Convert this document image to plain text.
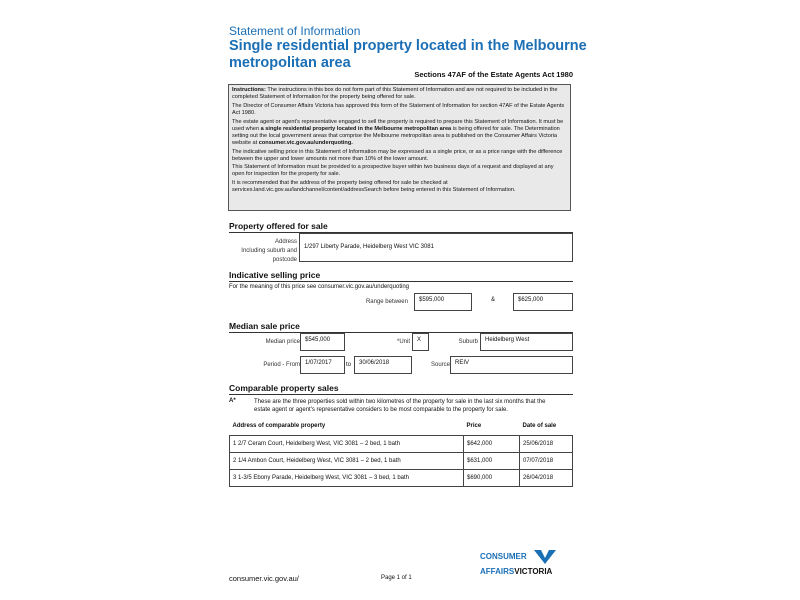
Statement of Information
Single residential property located in the Melbourne metropolitan area
Sections 47AF of the Estate Agents Act 1980

Instructions: The instructions in this box do not form part of this Statement of Information and are not required to be included in the completed Statement of Information for the property being offered for sale.

The Director of Consumer Affairs Victoria has approved this form of the Statement of Information for section 47AF of the Estate Agents Act 1980.

The estate agent or agent's representative engaged to sell the property is required to prepare this Statement of Information. It must be used when a single residential property located in the Melbourne metropolitan area is being offered for sale. The Determination setting out the local government areas that comprise the Melbourne metropolitan area is published on the Consumer Affairs Victoria website at consumer.vic.gov.au/underquoting.

The indicative selling price in this Statement of Information may be expressed as a single price, or as a price range with the difference between the upper and lower amounts not more than 10% of the lower amount.

This Statement of Information must be provided to a prospective buyer within two business days of a request and displayed at any open for inspection for the property for sale.

It is recommended that the address of the property being offered for sale be checked at services.land.vic.gov.au/landchannel/content/addressSearch before being entered in this Statement of Information.

Property offered for sale
Address
Including suburb and
postcode
1/297 Liberty Parade, Heidelberg West VIC 3081
Indicative selling price
For the meaning of this price see consumer.vic.gov.au/underquoting
Range between	$595,000	&	$625,000
Median sale price
Median price $545,000	*Unit	X	Suburb	Heidelberg West
Period - From 1/07/2017	to	30/06/2018	Source REIV
Comparable property sales
A*	These are the three properties sold within two kilometres of the property for sale in the last six months that the estate agent or agent's representative considers to be most comparable to the property for sale.
Address of comparable property	Price	Date of sale
1 2/7 Ceram Court, Heidelberg West, VIC 3081 – 2 bed, 1 bath	$642,000	25/06/2018
2 1/4 Ambon Court, Heidelberg West, VIC 3081 – 2 bed, 1 bath	$631,000	07/07/2018
3 1-3/5 Ebony Parade, Heidelberg West, VIC 3081 – 3 bed, 1 bath	$690,000	26/04/2018
CONSUMER
AFFAIRSVICTORIA
consumer.vic.gov.au/	Page 1 of 1
